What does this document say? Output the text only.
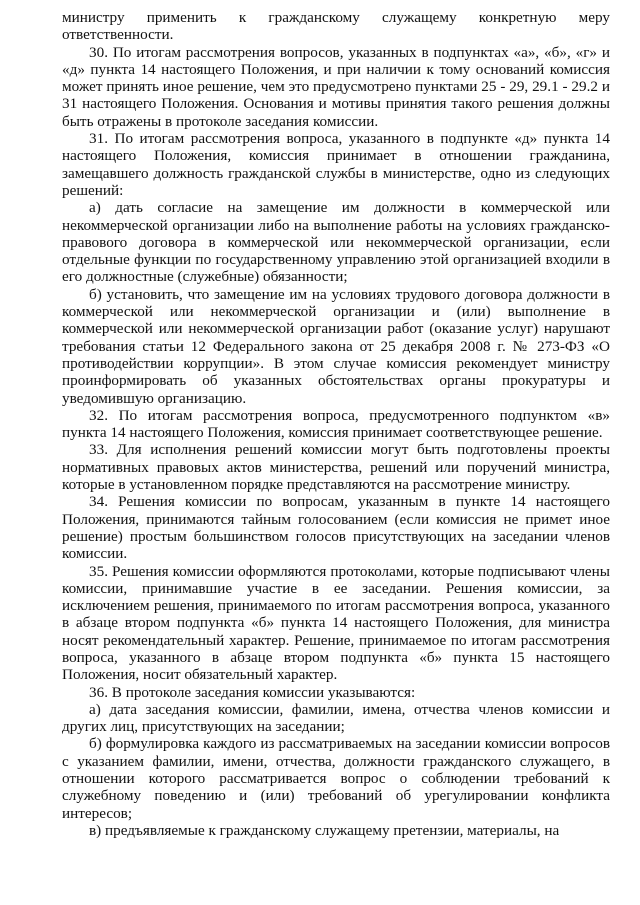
министру применить к гражданскому служащему конкретную меру ответственности.

30. По итогам рассмотрения вопросов, указанных в подпунктах «а», «б», «г» и «д» пункта 14 настоящего Положения, и при наличии к тому оснований комиссия может принять иное решение, чем это предусмотрено пунктами 25 - 29, 29.1 - 29.2 и 31 настоящего Положения. Основания и мотивы принятия такого решения должны быть отражены в протоколе заседания комиссии.

31. По итогам рассмотрения вопроса, указанного в подпункте «д» пункта 14 настоящего Положения, комиссия принимает в отношении гражданина, замещавшего должность гражданской службы в министерстве, одно из следующих решений:

а) дать согласие на замещение им должности в коммерческой или некоммерческой организации либо на выполнение работы на условиях гражданско-правового договора в коммерческой или некоммерческой организации, если отдельные функции по государственному управлению этой организацией входили в его должностные (служебные) обязанности;

б) установить, что замещение им на условиях трудового договора должности в коммерческой или некоммерческой организации и (или) выполнение в коммерческой или некоммерческой организации работ (оказание услуг) нарушают требования статьи 12 Федерального закона от 25 декабря 2008 г. № 273-ФЗ «О противодействии коррупции». В этом случае комиссия рекомендует министру проинформировать об указанных обстоятельствах органы прокуратуры и уведомившую организацию.

32. По итогам рассмотрения вопроса, предусмотренного подпунктом «в» пункта 14 настоящего Положения, комиссия принимает соответствующее решение.

33. Для исполнения решений комиссии могут быть подготовлены проекты нормативных правовых актов министерства, решений или поручений министра, которые в установленном порядке представляются на рассмотрение министру.

34. Решения комиссии по вопросам, указанным в пункте 14 настоящего Положения, принимаются тайным голосованием (если комиссия не примет иное решение) простым большинством голосов присутствующих на заседании членов комиссии.

35. Решения комиссии оформляются протоколами, которые подписывают члены комиссии, принимавшие участие в ее заседании. Решения комиссии, за исключением решения, принимаемого по итогам рассмотрения вопроса, указанного в абзаце втором подпункта «б» пункта 14 настоящего Положения, для министра носят рекомендательный характер. Решение, принимаемое по итогам рассмотрения вопроса, указанного в абзаце втором подпункта «б» пункта 15 настоящего Положения, носит обязательный характер.

36. В протоколе заседания комиссии указываются:

а) дата заседания комиссии, фамилии, имена, отчества членов комиссии и других лиц, присутствующих на заседании;

б) формулировка каждого из рассматриваемых на заседании комиссии вопросов с указанием фамилии, имени, отчества, должности гражданского служащего, в отношении которого рассматривается вопрос о соблюдении требований к служебному поведению и (или) требований об урегулировании конфликта интересов;

в) предъявляемые к гражданскому служащему претензии, материалы, на
